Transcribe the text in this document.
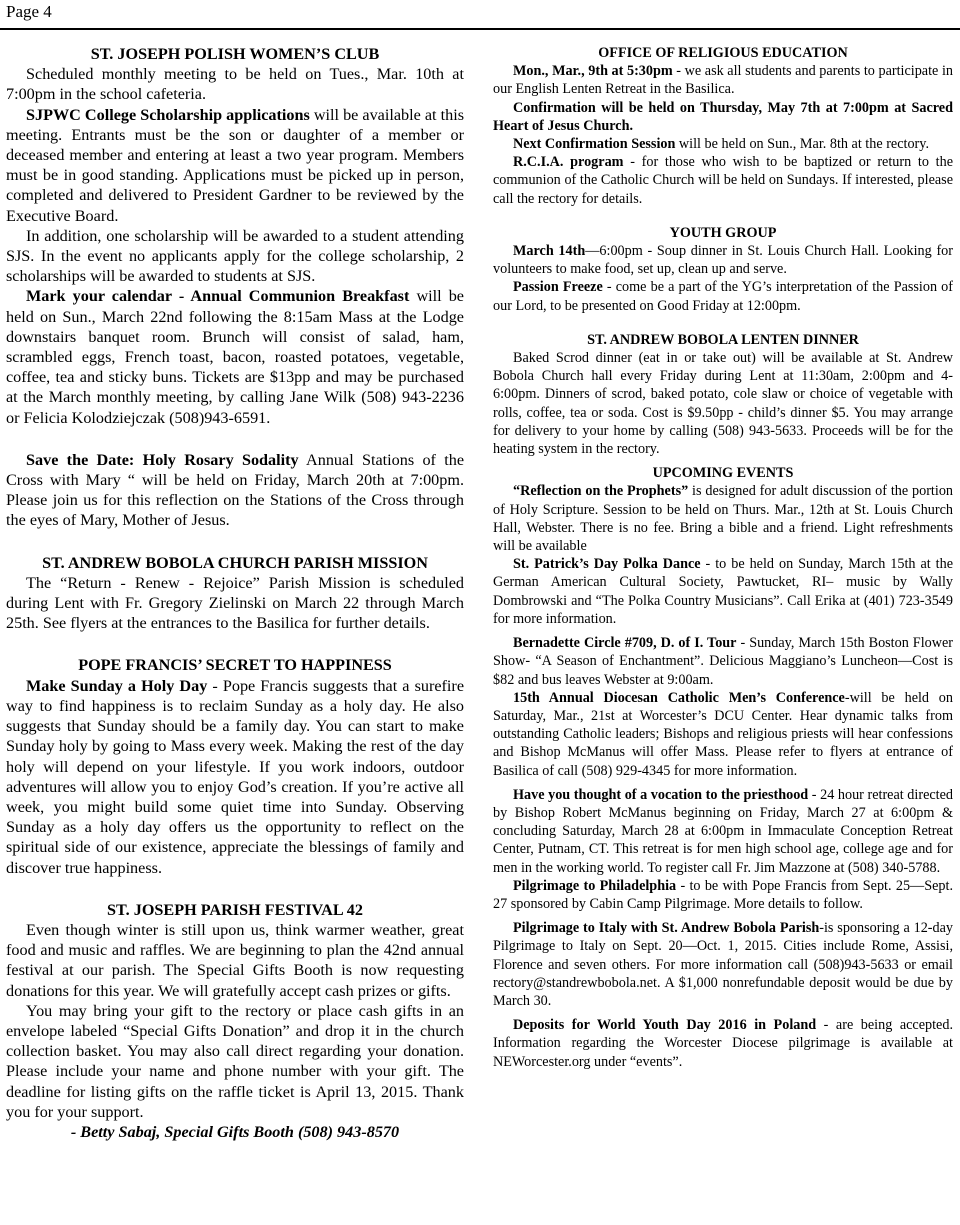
Page 4

ST. JOSEPH POLISH WOMEN’S CLUB

Scheduled monthly meeting to be held on Tues., Mar. 10th at 7:00pm in the school cafeteria.

SJPWC College Scholarship applications will be available at this meeting. Entrants must be the son or daughter of a member or deceased member and entering at least a two year program. Members must be in good standing. Applications must be picked up in person, completed and delivered to President Gardner to be reviewed by the Executive Board.

In addition, one scholarship will be awarded to a student attending SJS. In the event no applicants apply for the college scholarship, 2 scholarships will be awarded to students at SJS.

Mark your calendar - Annual Communion Breakfast will be held on Sun., March 22nd following the 8:15am Mass at the Lodge downstairs banquet room. Brunch will consist of salad, ham, scrambled eggs, French toast, bacon, roasted potatoes, vegetable, coffee, tea and sticky buns. Tickets are $13pp and may be purchased at the March monthly meeting, by calling Jane Wilk (508) 943-2236 or Felicia Kolodziejczak (508)943-6591.

Save the Date: Holy Rosary Sodality Annual Stations of the Cross with Mary “ will be held on Friday, March 20th at 7:00pm. Please join us for this reflection on the Stations of the Cross through the eyes of Mary, Mother of Jesus.

ST. ANDREW BOBOLA CHURCH PARISH MISSION

The “Return - Renew - Rejoice” Parish Mission is scheduled during Lent with Fr. Gregory Zielinski on March 22 through March 25th. See flyers at the entrances to the Basilica for further details.

POPE FRANCIS’ SECRET TO HAPPINESS

Make Sunday a Holy Day - Pope Francis suggests that a surefire way to find happiness is to reclaim Sunday as a holy day. He also suggests that Sunday should be a family day. You can start to make Sunday holy by going to Mass every week. Making the rest of the day holy will depend on your lifestyle. If you work indoors, outdoor adventures will allow you to enjoy God’s creation. If you’re active all week, you might build some quiet time into Sunday. Observing Sunday as a holy day offers us the opportunity to reflect on the spiritual side of our existence, appreciate the blessings of family and discover true happiness.

ST. JOSEPH PARISH FESTIVAL 42

Even though winter is still upon us, think warmer weather, great food and music and raffles. We are beginning to plan the 42nd annual festival at our parish. The Special Gifts Booth is now requesting donations for this year. We will gratefully accept cash prizes or gifts.

You may bring your gift to the rectory or place cash gifts in an envelope labeled “Special Gifts Donation” and drop it in the church collection basket. You may also call direct regarding your donation. Please include your name and phone number with your gift. The deadline for listing gifts on the raffle ticket is April 13, 2015. Thank you for your support.

- Betty Sabaj, Special Gifts Booth (508) 943-8570

OFFICE OF RELIGIOUS EDUCATION

Mon., Mar., 9th at 5:30pm - we ask all students and parents to participate in our English Lenten Retreat in the Basilica.

Confirmation will be held on Thursday, May 7th at 7:00pm at Sacred Heart of Jesus Church.

Next Confirmation Session will be held on Sun., Mar. 8th at the rectory.

R.C.I.A. program - for those who wish to be baptized or return to the communion of the Catholic Church will be held on Sundays. If interested, please call the rectory for details.

YOUTH GROUP

March 14th—6:00pm - Soup dinner in St. Louis Church Hall. Looking for volunteers to make food, set up, clean up and serve.

Passion Freeze - come be a part of the YG’s interpretation of the Passion of our Lord, to be presented on Good Friday at 12:00pm.

ST. ANDREW BOBOLA LENTEN DINNER

Baked Scrod dinner (eat in or take out) will be available at St. Andrew Bobola Church hall every Friday during Lent at 11:30am, 2:00pm and 4-6:00pm. Dinners of scrod, baked potato, cole slaw or choice of vegetable with rolls, coffee, tea or soda. Cost is $9.50pp - child’s dinner $5. You may arrange for delivery to your home by calling (508) 943-5633. Proceeds will be for the heating system in the rectory.

UPCOMING EVENTS

“Reflection on the Prophets” is designed for adult discussion of the portion of Holy Scripture. Session to be held on Thurs. Mar., 12th at St. Louis Church Hall, Webster. There is no fee. Bring a bible and a friend. Light refreshments will be available

St. Patrick’s Day Polka Dance - to be held on Sunday, March 15th at the German American Cultural Society, Pawtucket, RI– music by Wally Dombrowski and “The Polka Country Musicians”. Call Erika at (401) 723-3549 for more information.

Bernadette Circle #709, D. of I. Tour - Sunday, March 15th Boston Flower Show- “A Season of Enchantment”. Delicious Maggiano’s Luncheon—Cost is $82 and bus leaves Webster at 9:00am.

15th Annual Diocesan Catholic Men’s Conference-will be held on Saturday, Mar., 21st at Worcester’s DCU Center. Hear dynamic talks from outstanding Catholic leaders; Bishops and religious priests will hear confessions and Bishop McManus will offer Mass. Please refer to flyers at entrance of Basilica of call (508) 929-4345 for more information.

Have you thought of a vocation to the priesthood - 24 hour retreat directed by Bishop Robert McManus beginning on Friday, March 27 at 6:00pm & concluding Saturday, March 28 at 6:00pm in Immaculate Conception Retreat Center, Putnam, CT. This retreat is for men high school age, college age and for men in the working world. To register call Fr. Jim Mazzone at (508) 340-5788.

Pilgrimage to Philadelphia - to be with Pope Francis from Sept. 25—Sept. 27 sponsored by Cabin Camp Pilgrimage. More details to follow.

Pilgrimage to Italy with St. Andrew Bobola Parish-is sponsoring a 12-day Pilgrimage to Italy on Sept. 20—Oct. 1, 2015. Cities include Rome, Assisi, Florence and seven others. For more information call (508)943-5633 or email rectory@standrewbobola.net. A $1,000 nonrefundable deposit would be due by March 30.

Deposits for World Youth Day 2016 in Poland - are being accepted. Information regarding the Worcester Diocese pilgrimage is available at NEWorcester.org under “events”.
